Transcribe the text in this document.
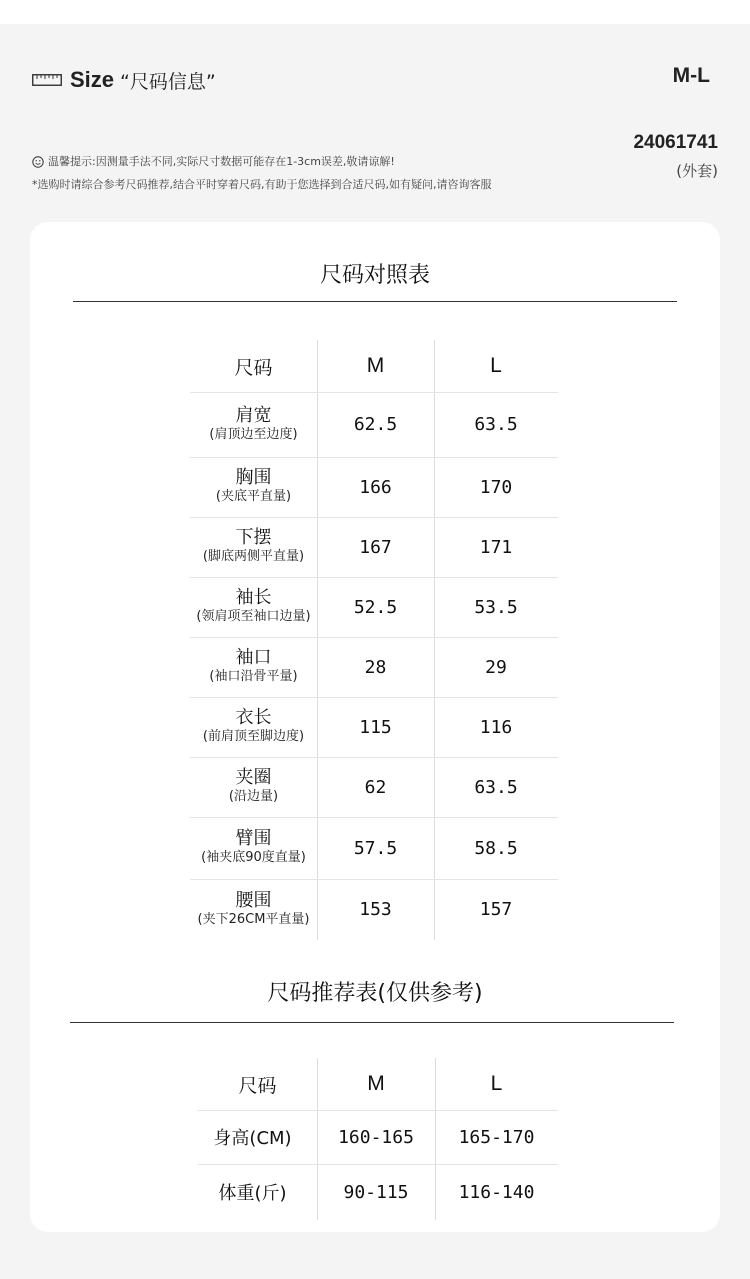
Size “尺码信息”	M-L
温馨提示:因测量手法不同,实际尺寸数据可能存在1-3cm误差,敬请谅解!
*选购时请综合参考尺码推荐,结合平时穿着尺码,有助于您选择到合适尺码,如有疑问,请咨询客服
24061741
(外套)
尺码对照表
尺码	M	L
肩宽
(肩顶边至边度)	62.5	63.5
胸围
(夹底平直量)	166	170
下摆
(脚底两侧平直量)	167	171
袖长
(领肩项至袖口边量)	52.5	53.5
袖口
(袖口沿骨平量)	28	29
衣长
(前肩顶至脚边度)	115	116
夹圈
(沿边量)	62	63.5
臂围
(袖夹底90度直量)	57.5	58.5
腰围
(夹下26CM平直量)	153	157
尺码推荐表(仅供参考)
尺码	M	L
身高(CM)	160-165	165-170
体重(斤)	90-115	116-140
